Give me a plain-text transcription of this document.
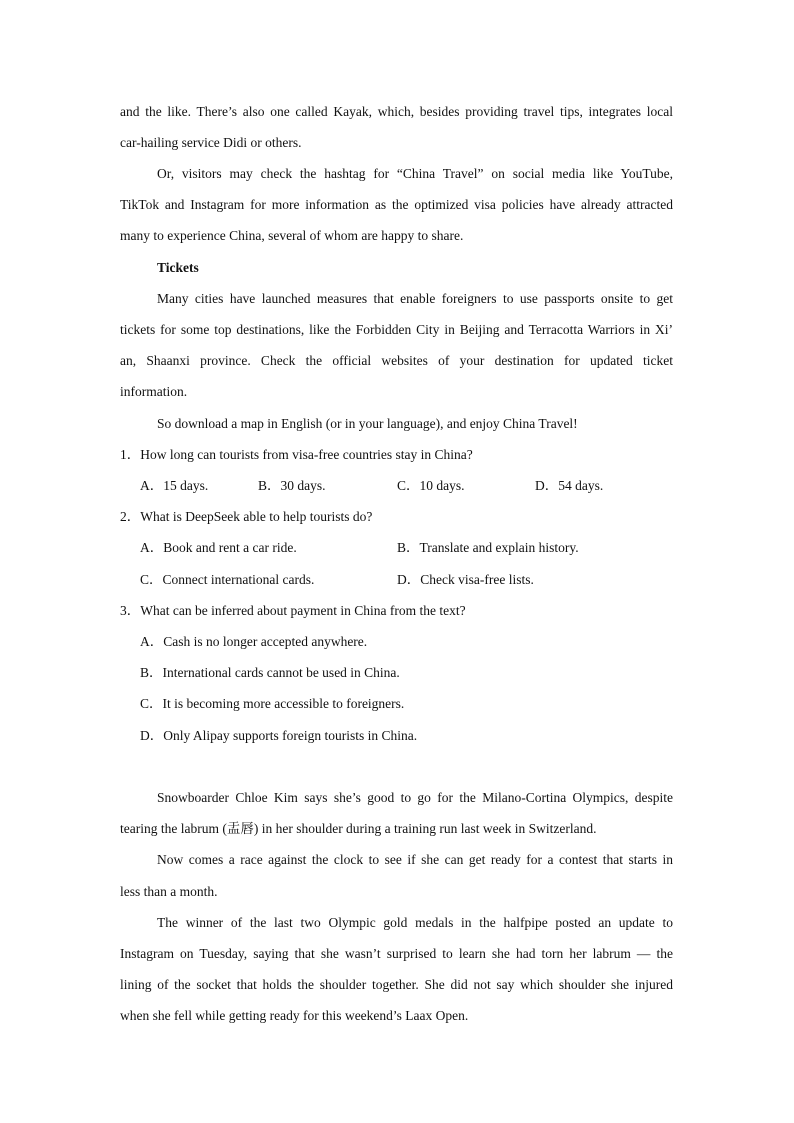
and the like. There’s also one called Kayak, which, besides providing travel tips, integrates local
car-hailing service Didi or others.
Or, visitors may check the hashtag for “China Travel” on social media like YouTube,
TikTok and Instagram for more information as the optimized visa policies have already attracted
many to experience China, several of whom are happy to share.
Tickets
Many cities have launched measures that enable foreigners to use passports onsite to get
tickets for some top destinations, like the Forbidden City in Beijing and Terracotta Warriors in Xi’
an, Shaanxi province. Check the official websites of your destination for updated ticket
information.
So download a map in English (or in your language), and enjoy China Travel!
1．How long can tourists from visa-free countries stay in China?
A．15 days.	B．30 days.	C．10 days.	D．54 days.
2．What is DeepSeek able to help tourists do?
A．Book and rent a car ride.	B．Translate and explain history.
C．Connect international cards.	D．Check visa-free lists.
3．What can be inferred about payment in China from the text?
A．Cash is no longer accepted anywhere.
B．International cards cannot be used in China.
C．It is becoming more accessible to foreigners.
D．Only Alipay supports foreign tourists in China.
Snowboarder Chloe Kim says she’s good to go for the Milano-Cortina Olympics, despite
tearing the labrum (盂唇) in her shoulder during a training run last week in Switzerland.
Now comes a race against the clock to see if she can get ready for a contest that starts in
less than a month.
The winner of the last two Olympic gold medals in the halfpipe posted an update to
Instagram on Tuesday, saying that she wasn’t surprised to learn she had torn her labrum — the
lining of the socket that holds the shoulder together. She did not say which shoulder she injured
when she fell while getting ready for this weekend’s Laax Open.
